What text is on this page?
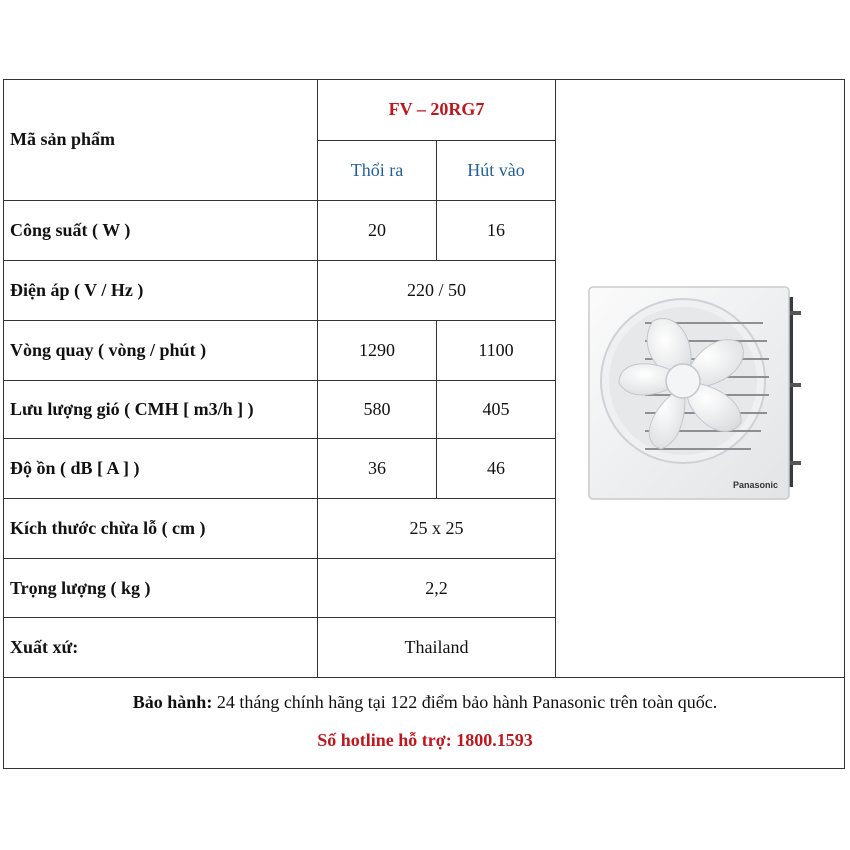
Mã sản phẩm
FV – 20RG7
Thổi ra	Hút vào
Công suất ( W )	20	16
Điện áp ( V / Hz )	220 / 50
Vòng quay ( vòng / phút )	1290	1100
Lưu lượng gió ( CMH [ m3/h ] )	580	405
Độ ồn ( dB [ A ] )	36	46
Kích thước chừa lỗ ( cm )	25 x 25
Trọng lượng ( kg )	2,2
Xuất xứ:	Thailand
Panasonic
Bảo hành: 24 tháng chính hãng tại 122 điểm bảo hành Panasonic trên toàn quốc.
Số hotline hỗ trợ: 1800.1593
